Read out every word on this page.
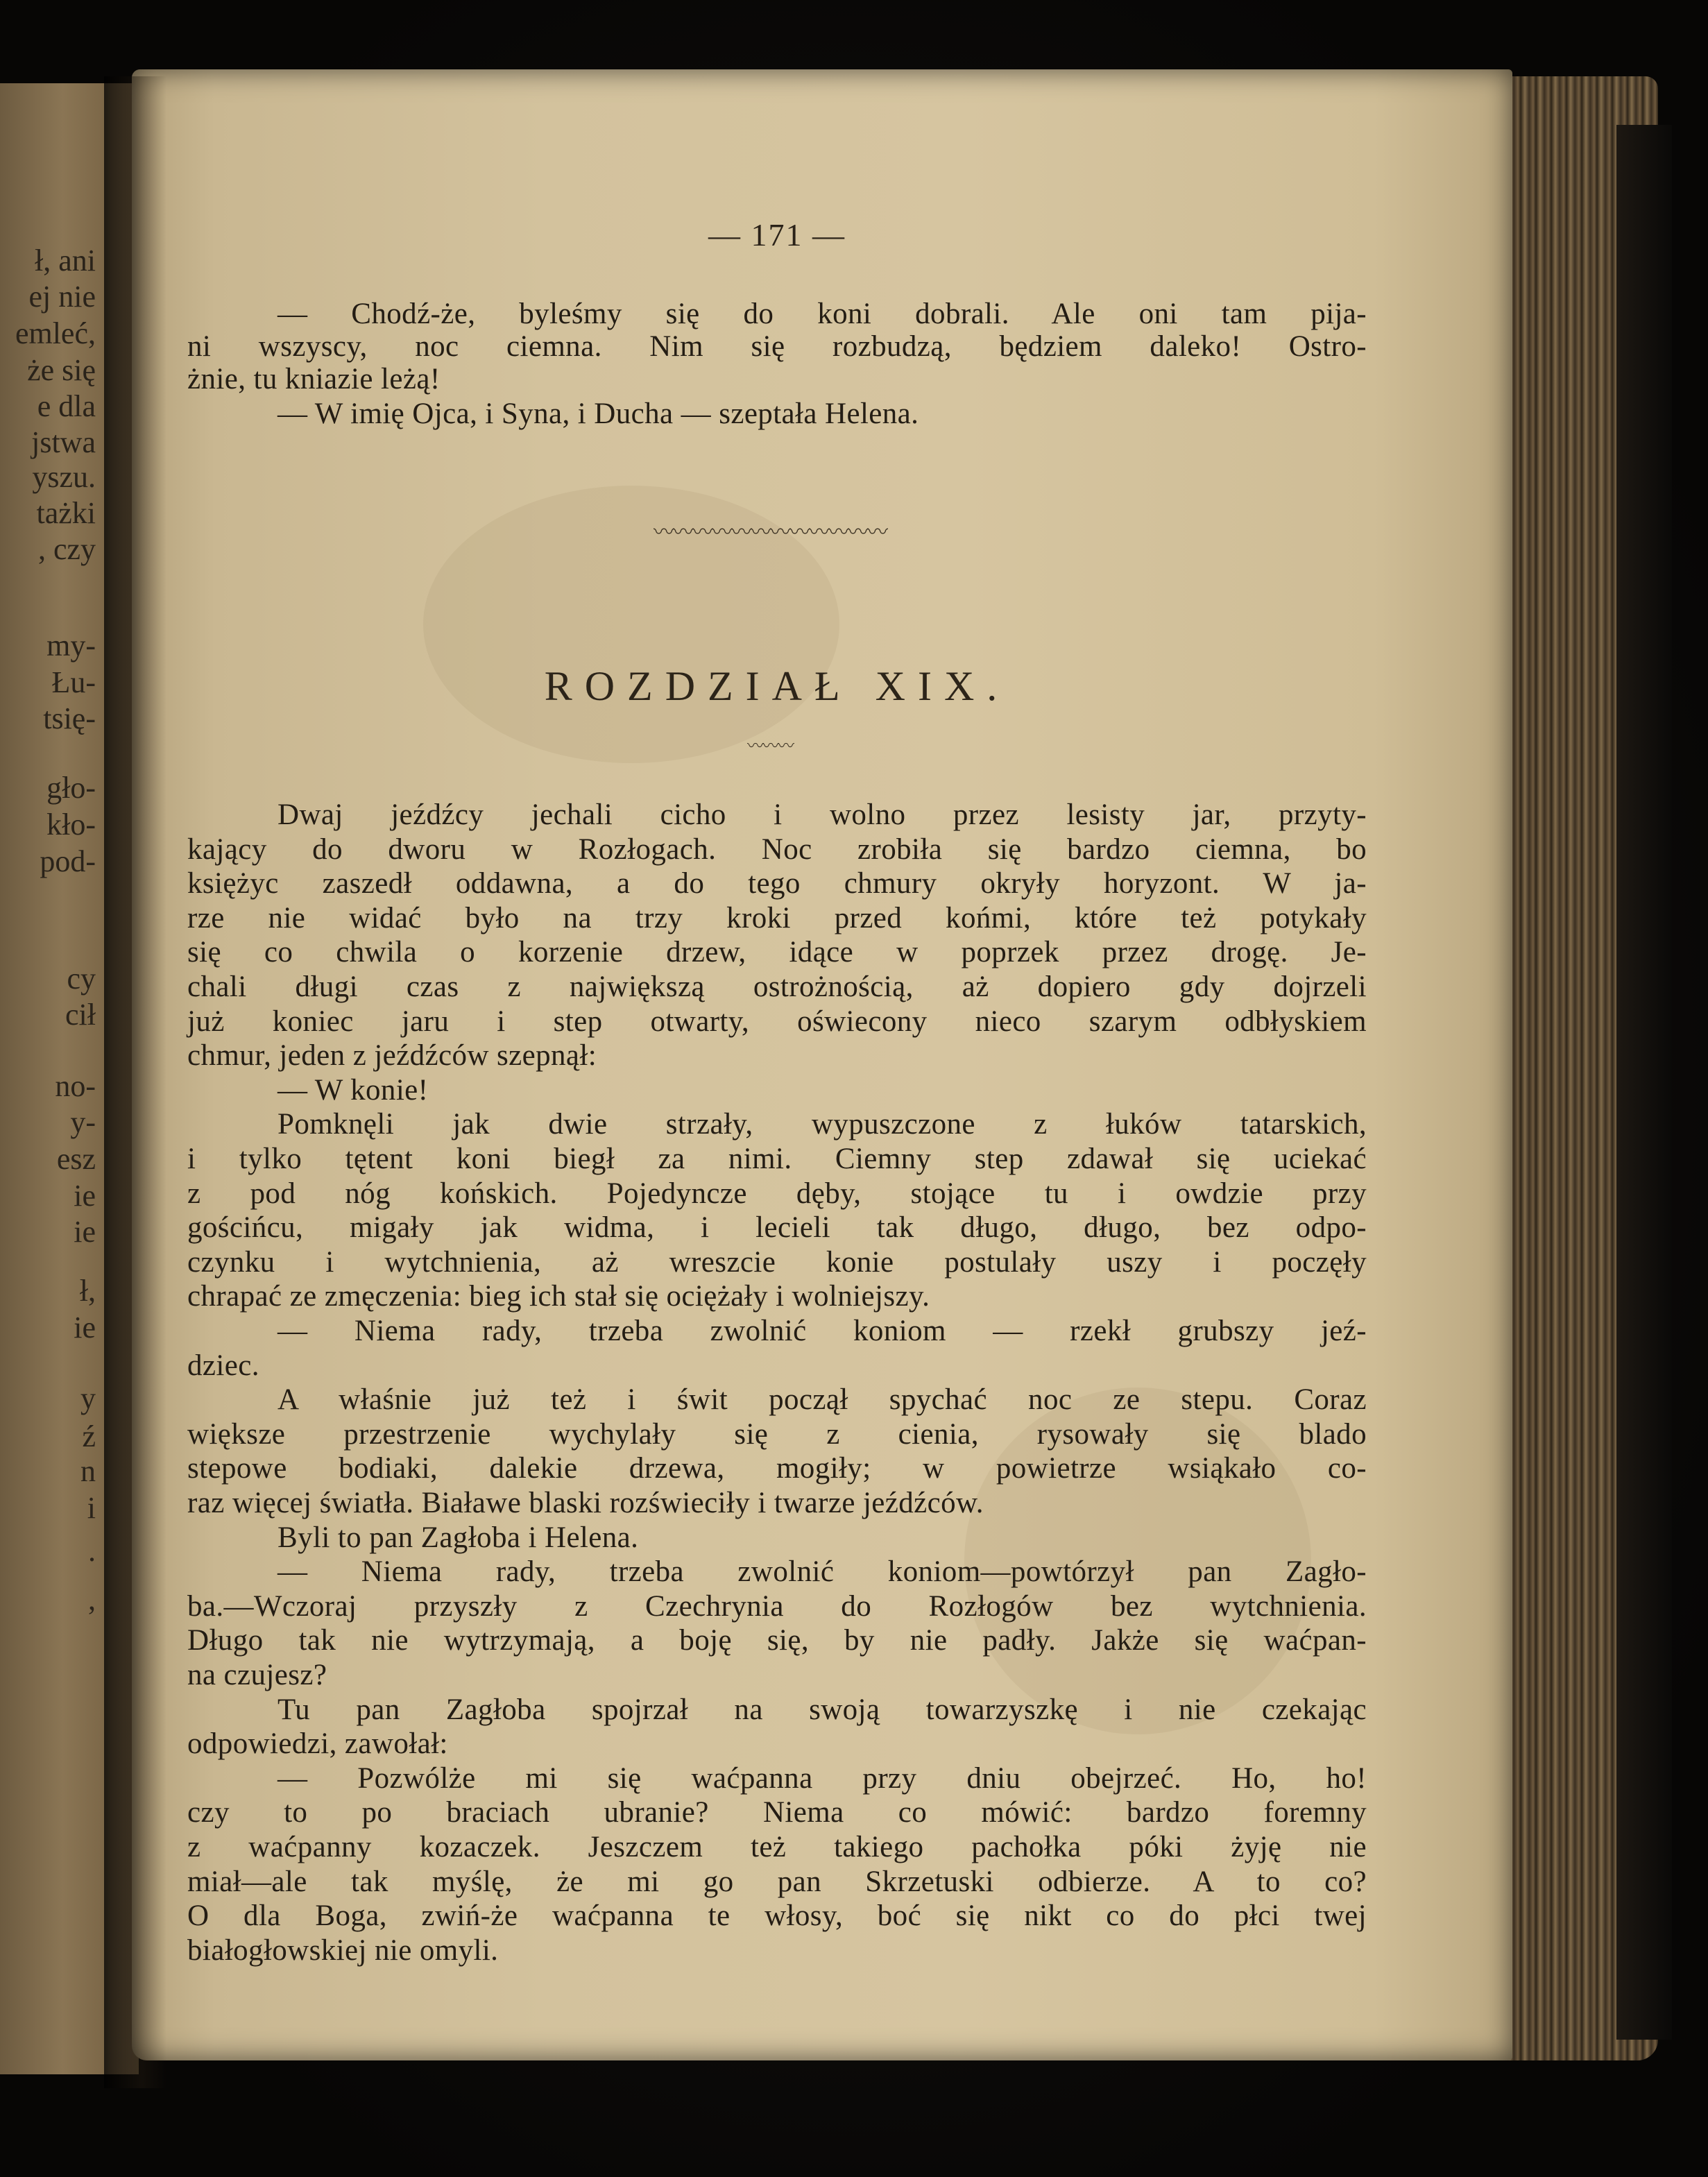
ł, ani
ej nie
emleć,
że się
e dla
jstwa
yszu.
tażki
, czy
my-
Łu-
tsię-
gło-
kło-
pod-
cy
cił
no-
y-
esz
ie
ie
ł,
ie
y
ź
n
i
.
,
— 171 —
— Chodź-że, byleśmy się do koni dobrali. Ale oni tam pija-
ni wszyscy, noc ciemna. Nim się rozbudzą, będziem daleko! Ostro-
żnie, tu kniazie leżą!
— W imię Ojca, i Syna, i Ducha — szeptała Helena.
〰〰〰〰〰〰〰〰〰〰〰〰
ROZDZIAŁ XIX.
〰〰〰
Dwaj jeźdźcy jechali cicho i wolno przez lesisty jar, przyty-
kający do dworu w Rozłogach. Noc zrobiła się bardzo ciemna, bo
księżyc zaszedł oddawna, a do tego chmury okryły horyzont. W ja-
rze nie widać było na trzy kroki przed końmi, które też potykały
się co chwila o korzenie drzew, idące w poprzek przez drogę. Je-
chali długi czas z największą ostrożnością, aż dopiero gdy dojrzeli
już koniec jaru i step otwarty, oświecony nieco szarym odbłyskiem
chmur, jeden z jeźdźców szepnął:
— W konie!
Pomknęli jak dwie strzały, wypuszczone z łuków tatarskich,
i tylko tętent koni biegł za nimi. Ciemny step zdawał się uciekać
z pod nóg końskich. Pojedyncze dęby, stojące tu i owdzie przy
gościńcu, migały jak widma, i lecieli tak długo, długo, bez odpo-
czynku i wytchnienia, aż wreszcie konie postulały uszy i poczęły
chrapać ze zmęczenia: bieg ich stał się ociężały i wolniejszy.
— Niema rady, trzeba zwolnić koniom — rzekł grubszy jeź-
dziec.
A właśnie już też i świt począł spychać noc ze stepu. Coraz
większe przestrzenie wychylały się z cienia, rysowały się blado
stepowe bodiaki, dalekie drzewa, mogiły; w powietrze wsiąkało co-
raz więcej światła. Białawe blaski rozświeciły i twarze jeźdźców.
Byli to pan Zagłoba i Helena.
— Niema rady, trzeba zwolnić koniom—powtórzył pan Zagło-
ba.—Wczoraj przyszły z Czechrynia do Rozłogów bez wytchnienia.
Długo tak nie wytrzymają, a boję się, by nie padły. Jakże się waćpan-
na czujesz?
Tu pan Zagłoba spojrzał na swoją towarzyszkę i nie czekając
odpowiedzi, zawołał:
— Pozwólże mi się waćpanna przy dniu obejrzeć. Ho, ho!
czy to po braciach ubranie? Niema co mówić: bardzo foremny
z waćpanny kozaczek. Jeszczem też takiego pachołka póki żyję nie
miał—ale tak myślę, że mi go pan Skrzetuski odbierze. A to co?
O dla Boga, zwiń-że waćpanna te włosy, boć się nikt co do płci twej
białogłowskiej nie omyli.
